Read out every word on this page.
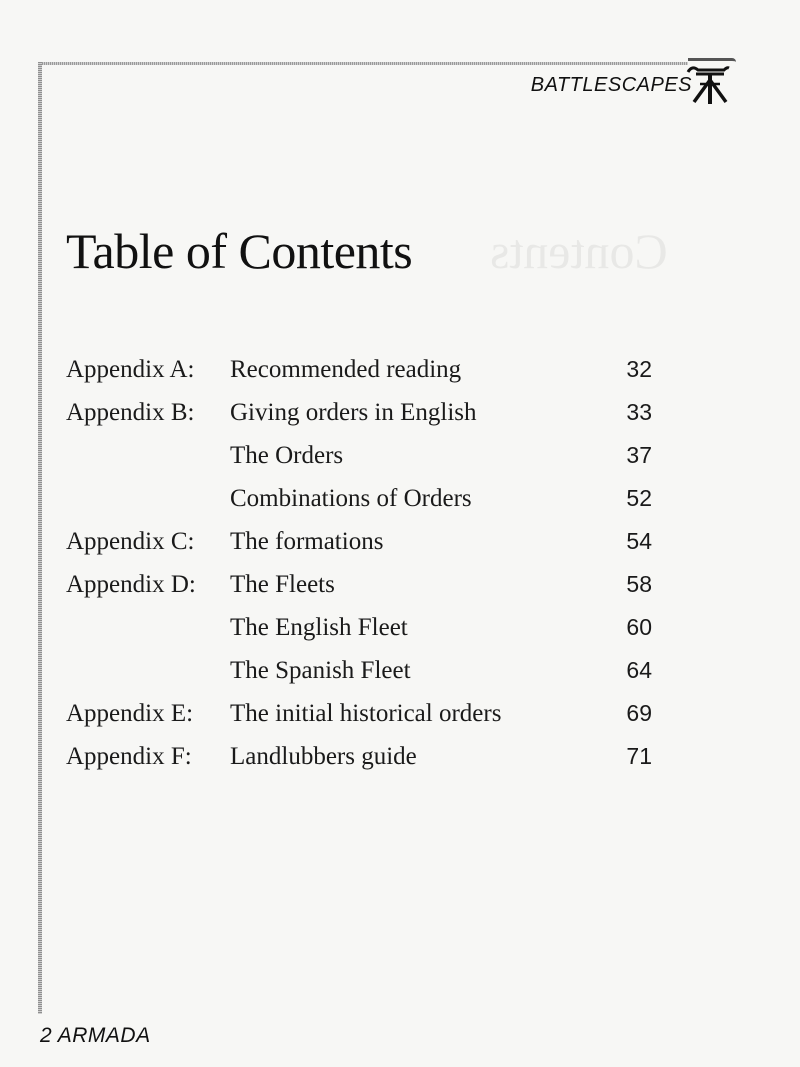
Contents
BATTLESCAPES
Table of Contents
Appendix A: Recommended reading	32
Appendix B: Giving orders in English	33
The Orders	37
Combinations of Orders	52
Appendix C: The formations	54
Appendix D: The Fleets	58
The English Fleet	60
The Spanish Fleet	64
Appendix E: The initial historical orders	69
Appendix F: Landlubbers guide	71
2 ARMADA
